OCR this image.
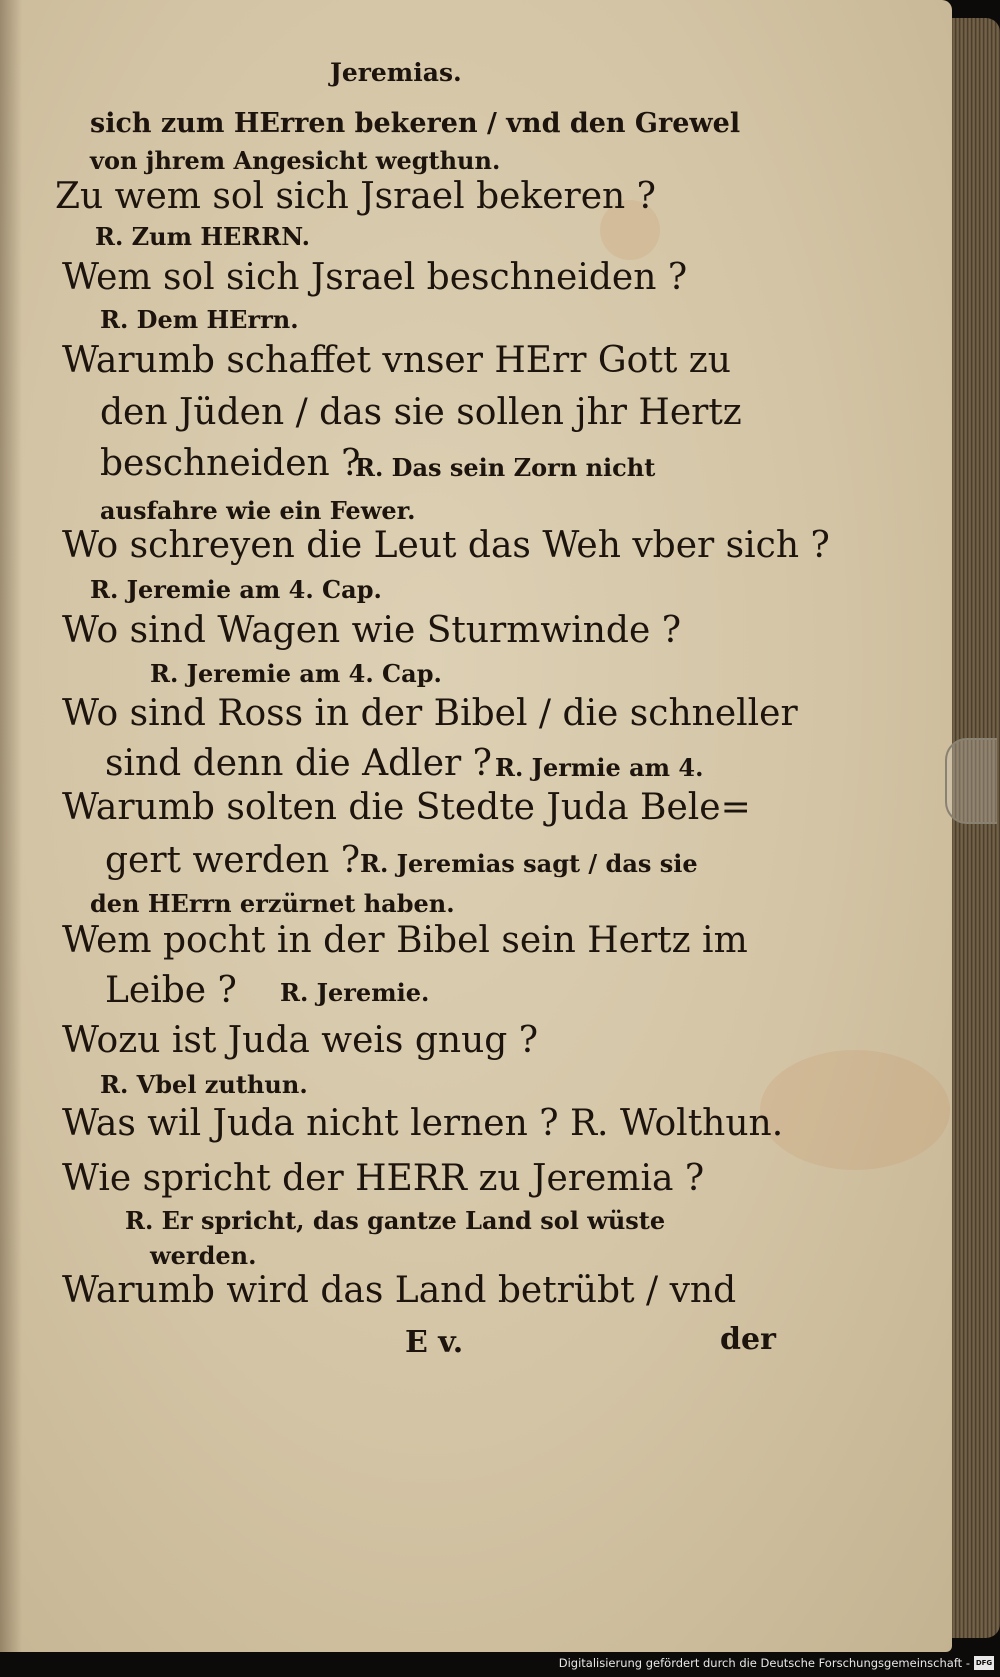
Jeremias.
sich zum HErren bekeren / vnd den Grewel
von jhrem Angesicht wegthun.
Zu wem sol sich Jsrael bekeren ?
R. Zum HERRN.
Wem sol sich Jsrael beschneiden ?
R. Dem HErrn.
Warumb schaffet vnser HErr Gott zu
den Jüden / das sie sollen jhr Hertz
beschneiden ?
R. Das sein Zorn nicht
ausfahre wie ein Fewer.
Wo schreyen die Leut das Weh vber sich ?
R. Jeremie am 4. Cap.
Wo sind Wagen wie Sturmwinde ?
R. Jeremie am 4. Cap.
Wo sind Ross in der Bibel / die schneller
sind denn die Adler ? R. Jermie am 4.
Warumb solten die Stedte Juda Bele=
gert werden ? R. Jeremias sagt / das sie
den HErrn erzürnet haben.
Wem pocht in der Bibel sein Hertz im
Leibe ? R. Jeremie.
Wozu ist Juda weis gnug ?
R. Vbel zuthun.
Was wil Juda nicht lernen ? R. Wolthun.
Wie spricht der HERR zu Jeremia ?
R. Er spricht, das gantze Land sol wüste
werden.
Warumb wird das Land betrübt / vnd
E v.	der
Digitalisierung gefördert durch die Deutsche Forschungsgemeinschaft - DFG
